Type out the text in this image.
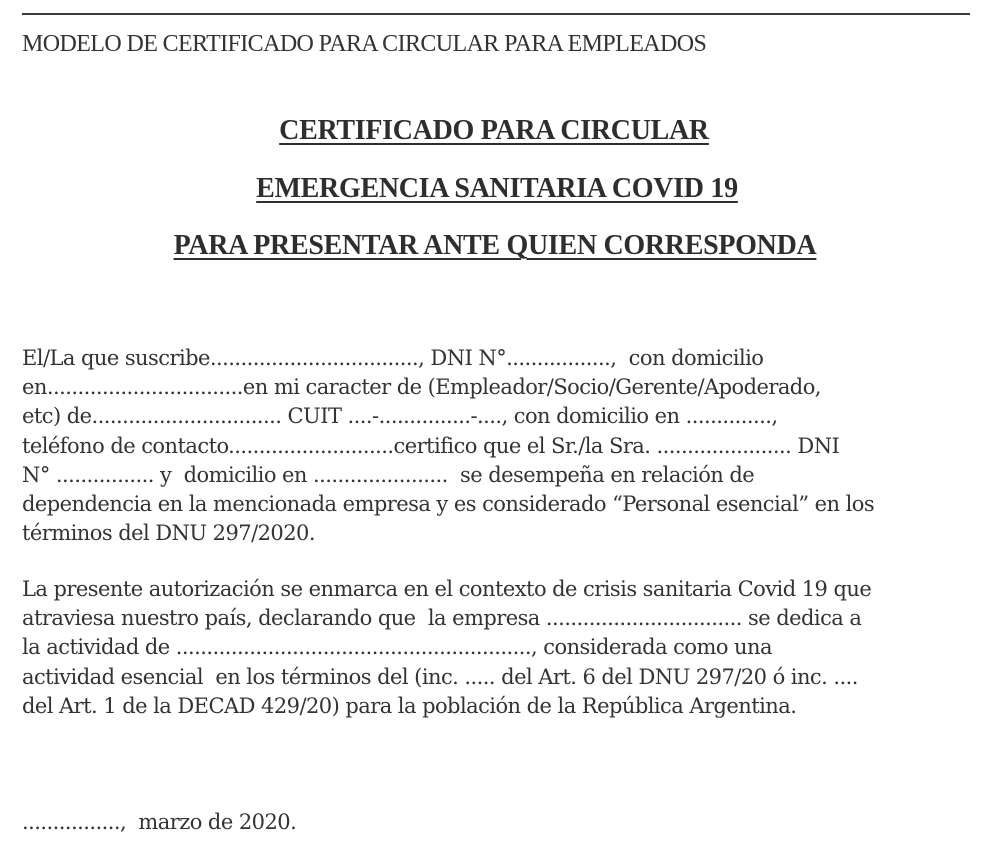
MODELO DE CERTIFICADO PARA CIRCULAR PARA EMPLEADOS
CERTIFICADO PARA CIRCULAR
EMERGENCIA SANITARIA COVID 19
PARA PRESENTAR ANTE QUIEN CORRESPONDA
El/La que suscribe.................................., DNI N°.................,  con domicilio
en................................en mi caracter de (Empleador/Socio/Gerente/Apoderado,
etc) de............................... CUIT ....-...............-...., con domicilio en ..............,
teléfono de contacto...........................certifico que el Sr./la Sra. ...................... DNI
N° ................ y  domicilio en ......................  se desempeña en relación de
dependencia en la mencionada empresa y es considerado “Personal esencial” en los
términos del DNU 297/2020.
La presente autorización se enmarca en el contexto de crisis sanitaria Covid 19 que
atraviesa nuestro país, declarando que  la empresa ................................ se dedica a
la actividad de .........................................................., considerada como una
actividad esencial  en los términos del (inc. ..... del Art. 6 del DNU 297/20 ó inc. ....
del Art. 1 de la DECAD 429/20) para la población de la República Argentina.
................,  marzo de 2020.
